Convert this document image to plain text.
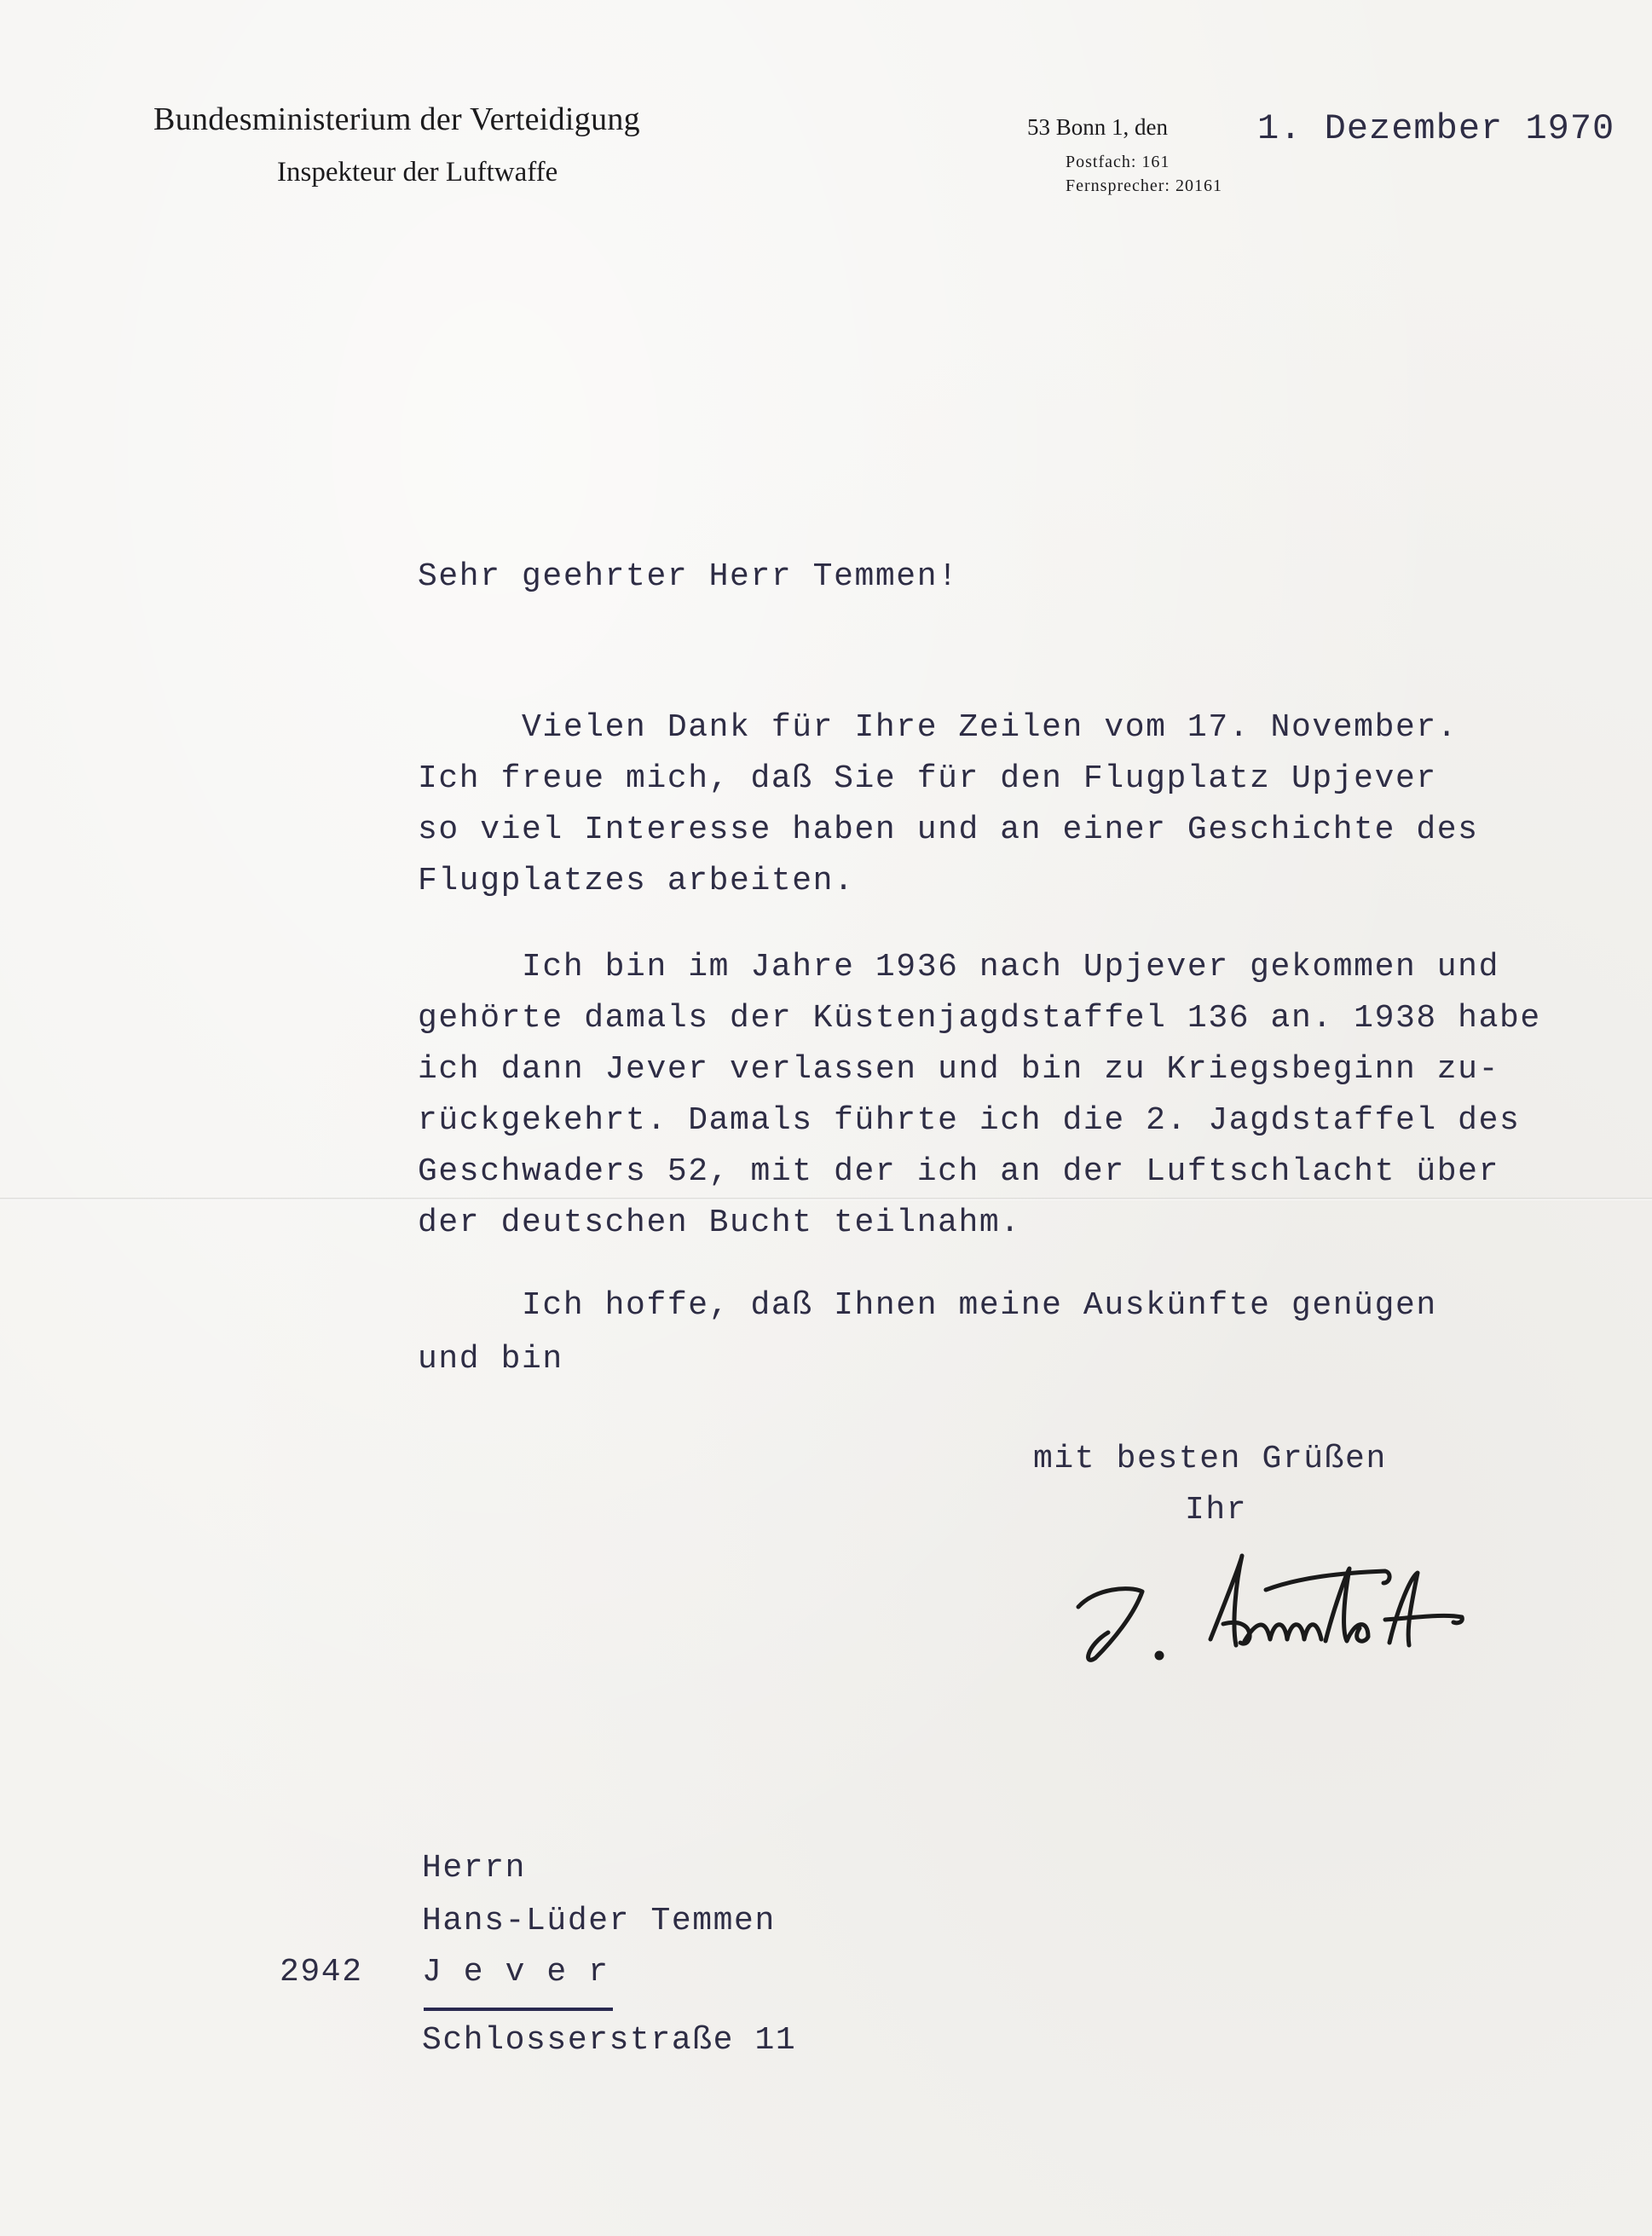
Bundesministerium der Verteidigung
Inspekteur der Luftwaffe
53 Bonn 1, den	1. Dezember 1970
Postfach: 161
Fernsprecher: 20161
Sehr geehrter Herr Temmen!
Vielen Dank für Ihre Zeilen vom 17. November.
Ich freue mich, daß Sie für den Flugplatz Upjever
so viel Interesse haben und an einer Geschichte des
Flugplatzes arbeiten.
Ich bin im Jahre 1936 nach Upjever gekommen und
gehörte damals der Küstenjagdstaffel 136 an. 1938 habe
ich dann Jever verlassen und bin zu Kriegsbeginn zu-
rückgekehrt. Damals führte ich die 2. Jagdstaffel des
Geschwaders 52, mit der ich an der Luftschlacht über
der deutschen Bucht teilnahm.
Ich hoffe, daß Ihnen meine Auskünfte genügen
und bin
mit besten Grüßen
Ihr
Herrn
Hans-Lüder Temmen
2942 J e v e r
Schlosserstraße 11
